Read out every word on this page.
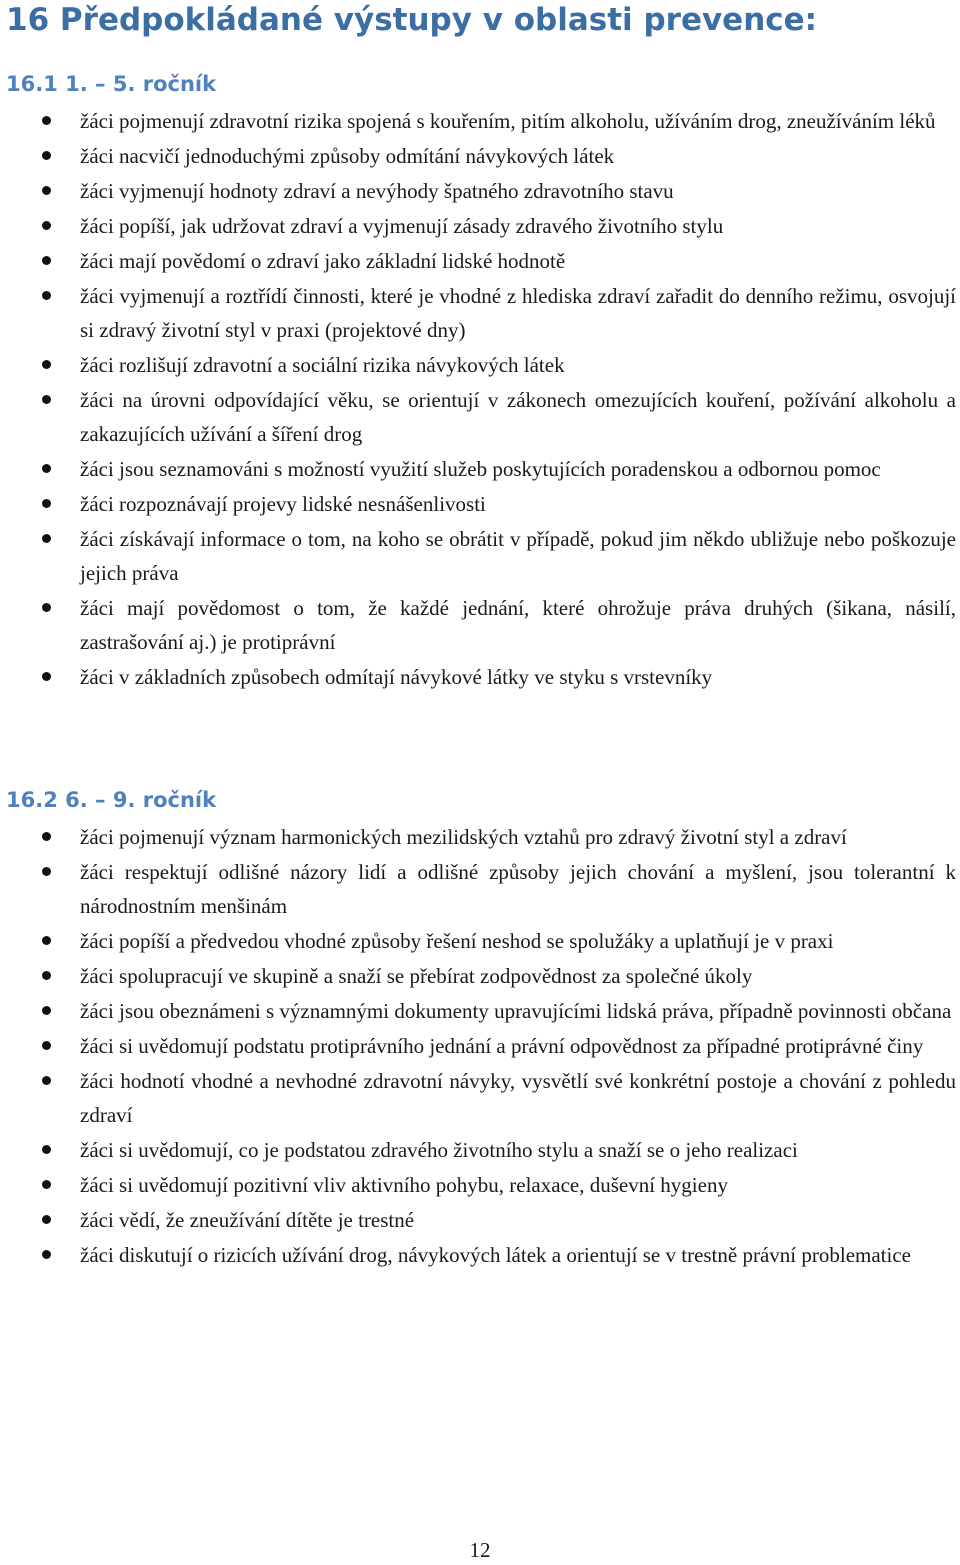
16 Předpokládané výstupy v oblasti prevence:
16.1 1. – 5. ročník
žáci pojmenují zdravotní rizika spojená s kouřením, pitím alkoholu, užíváním drog, zneužíváním léků
žáci nacvičí jednoduchými způsoby odmítání návykových látek
žáci vyjmenují hodnoty zdraví a nevýhody špatného zdravotního stavu
žáci popíší, jak udržovat zdraví a vyjmenují zásady zdravého životního stylu
žáci mají povědomí o zdraví jako základní lidské hodnotě
žáci vyjmenují a roztřídí činnosti, které je vhodné z hlediska zdraví zařadit do denního režimu, osvojují si zdravý životní styl v praxi (projektové dny)
žáci rozlišují zdravotní a sociální rizika návykových látek
žáci na úrovni odpovídající věku, se orientují v zákonech omezujících kouření, požívání alkoholu a zakazujících užívání a šíření drog
žáci jsou seznamováni s možností využití služeb poskytujících poradenskou a odbornou pomoc
žáci rozpoznávají projevy lidské nesnášenlivosti
žáci získávají informace o tom, na koho se obrátit v případě, pokud jim někdo ubližuje nebo poškozuje jejich práva
žáci mají povědomost o tom, že každé jednání, které ohrožuje práva druhých (šikana, násilí, zastrašování aj.) je protiprávní
žáci v základních způsobech odmítají návykové látky ve styku s vrstevníky
16.2 6. – 9. ročník
žáci pojmenují význam harmonických mezilidských vztahů pro zdravý životní styl a zdraví
žáci respektují odlišné názory lidí a odlišné způsoby jejich chování a myšlení, jsou tolerantní k národnostním menšinám
žáci popíší a předvedou vhodné způsoby řešení neshod se spolužáky a uplatňují je v praxi
žáci spolupracují ve skupině a snaží se přebírat zodpovědnost za společné úkoly
žáci jsou obeznámeni s významnými dokumenty upravujícími lidská práva, případně povinnosti občana
žáci si uvědomují podstatu protiprávního jednání a právní odpovědnost za případné protiprávné činy
žáci hodnotí vhodné a nevhodné zdravotní návyky, vysvětlí své konkrétní postoje a chování z pohledu zdraví
žáci si uvědomují, co je podstatou zdravého životního stylu a snaží se o jeho realizaci
žáci si uvědomují pozitivní vliv aktivního pohybu, relaxace, duševní hygieny
žáci vědí, že zneužívání dítěte je trestné
žáci diskutují o rizicích užívání drog, návykových látek a orientují se v trestně právní problematice
12
